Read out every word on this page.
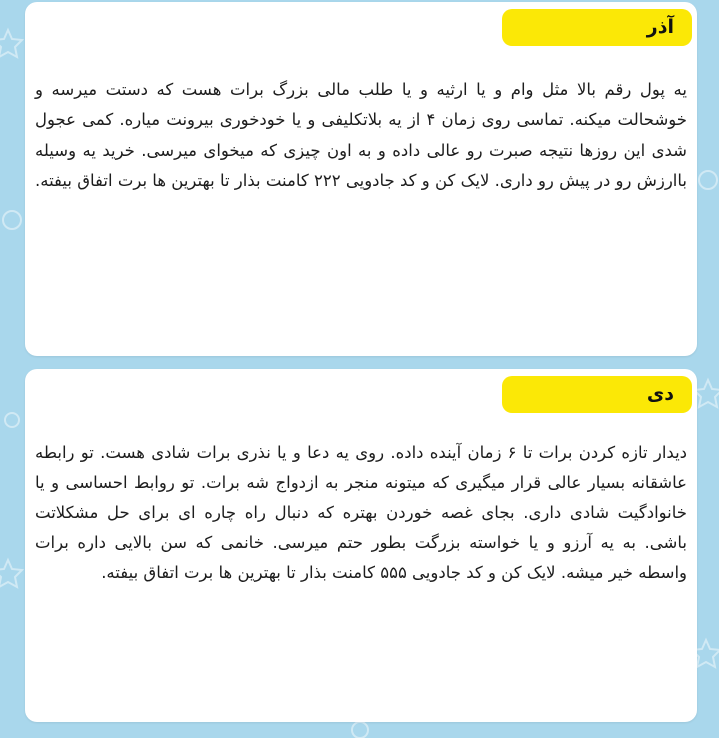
آذر

یه پول رقم بالا مثل وام و یا ارثیه و یا طلب مالی بزرگ برات هست که دستت میرسه و خوشحالت میکنه. تماسی روی زمان ۴ از یه بلاتکلیفی و یا خودخوری بیرونت میاره. کمی عجول شدی این روزها نتیجه صبرت رو عالی داده و به اون چیزی که میخوای میرسی. خرید یه وسیله باارزش رو در پیش رو داری. لایک کن و کد جادویی ۲۲۲ کامنت بذار تا بهترین ها برت اتفاق بیفته.

دی

دیدار تازه کردن برات تا ۶ زمان آینده داده. روی یه دعا و یا نذری برات شادی هست. تو رابطه عاشقانه بسیار عالی قرار میگیری که میتونه منجر به ازدواج شه برات. تو روابط احساسی و یا خانوادگیت شادی داری. بجای غصه خوردن بهتره که دنبال راه چاره ای برای حل مشکلاتت باشی. به یه آرزو و یا خواسته بزرگت بطور حتم میرسی. خانمی که سن بالایی داره برات واسطه خیر میشه. لایک کن و کد جادویی ۵۵۵ کامنت بذار تا بهترین ها برت اتفاق بیفته.
